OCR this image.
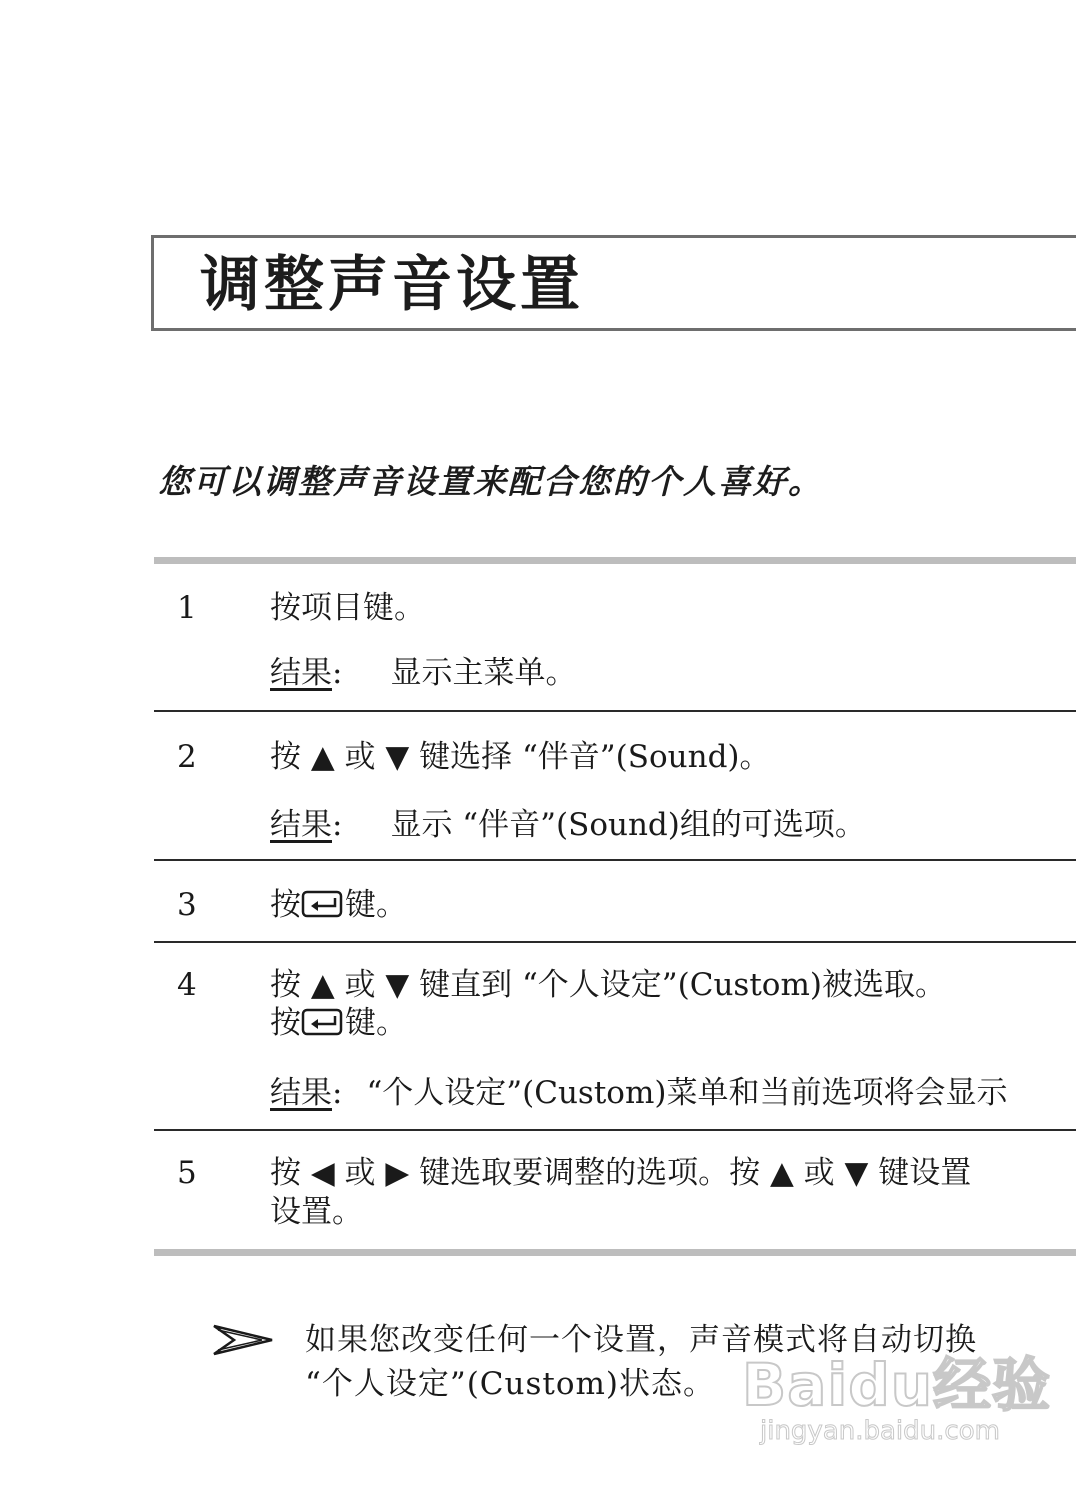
调整声音设置
您可以调整声音设置来配合您的个人喜好。
1 按项目键。
结果: 显示主菜单。
2 按 ▲ 或 ▼ 键选择 “伴音”(Sound)。
结果: 显示 “伴音”(Sound)组的可选项。
3 按 键。
4 按 ▲ 或 ▼ 键直到 “个人设定”(Custom)被选取。
按 键。
结果: “个人设定”(Custom)菜单和当前选项将会显示
5 按 ◀ 或 ▶ 键选取要调整的选项。按 ▲ 或 ▼ 键设置
设置。
如果您改变任何一个设置，声音模式将自动切换
“个人设定”(Custom)状态。 Baidu经验
jingyan.baidu.com
